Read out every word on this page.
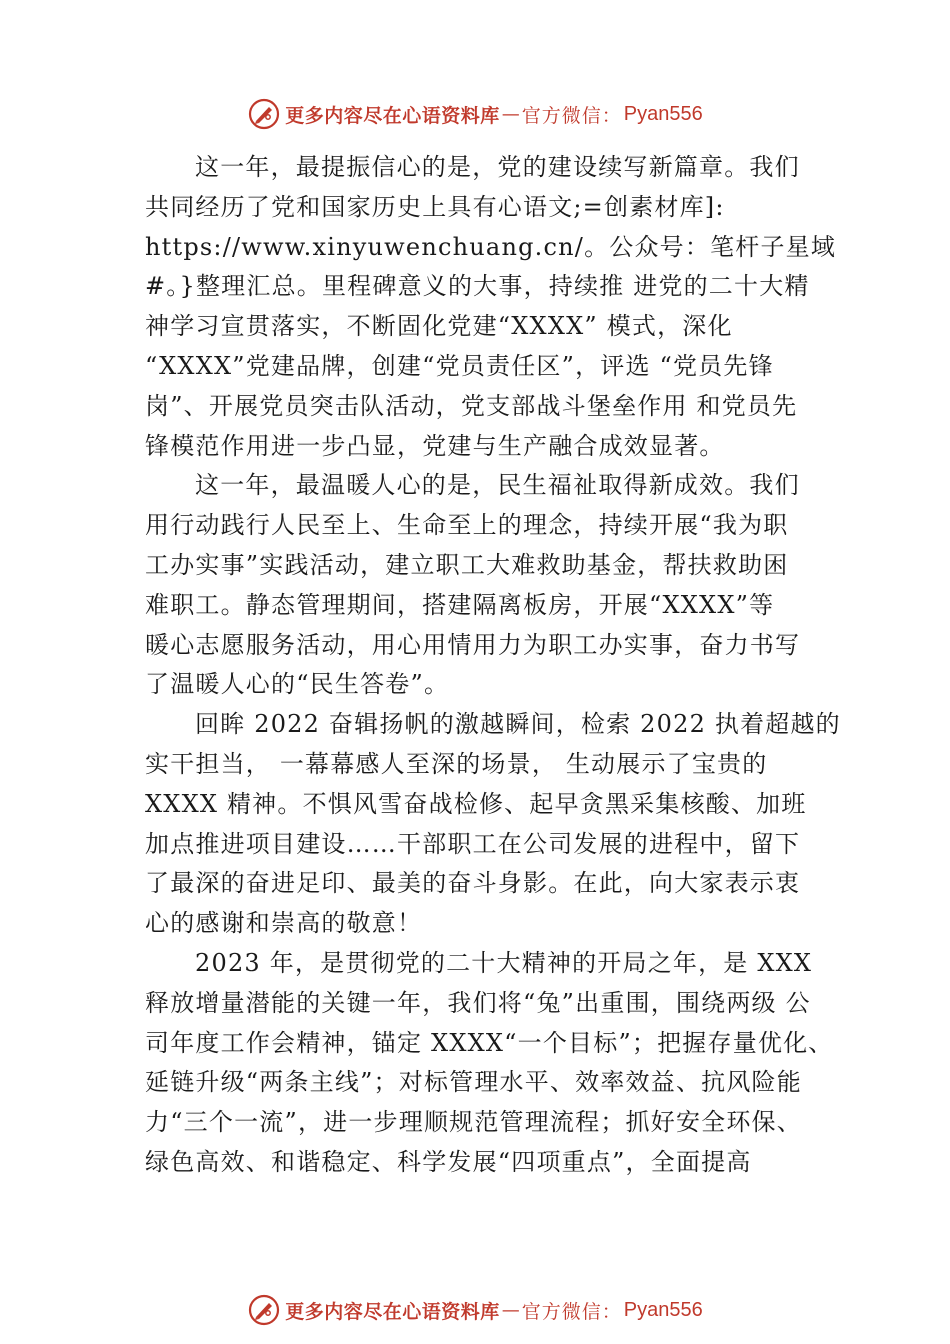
更多内容尽在心语资料库 — 官方微信： Pyan556
这一年，最提振信心的是，党的建设续写新篇章。我们
共同经历了党和国家历史上具有心语文;=创素材库]:
https://www.xinyuwenchuang.cn/。公众号：笔杆子星域
#。}整理汇总。里程碑意义的大事，持续推 进党的二十大精
神学习宣贯落实，不断固化党建“XXXX” 模式，深化
“XXXX”党建品牌，创建“党员责任区”，评选 “党员先锋
岗”、开展党员突击队活动，党支部战斗堡垒作用 和党员先
锋模范作用进一步凸显，党建与生产融合成效显著。
这一年，最温暖人心的是，民生福祉取得新成效。我们
用行动践行人民至上、生命至上的理念，持续开展“我为职
工办实事”实践活动，建立职工大难救助基金，帮扶救助困
难职工。静态管理期间，搭建隔离板房，开展“XXXX”等
暖心志愿服务活动，用心用情用力为职工办实事，奋力书写
了温暖人心的“民生答卷”。
回眸 2022 奋辑扬帆的激越瞬间，检索 2022 执着超越的
实干担当， 一幕幕感人至深的场景， 生动展示了宝贵的
XXXX 精神。不惧风雪奋战检修、起早贪黑采集核酸、加班
加点推进项目建设……干部职工在公司发展的进程中，留下
了最深的奋进足印、最美的奋斗身影。在此，向大家表示衷
心的感谢和崇高的敬意！
2023 年，是贯彻党的二十大精神的开局之年，是 XXX
释放增量潜能的关键一年，我们将“兔”出重围，围绕两级 公
司年度工作会精神，锚定 XXXX“一个目标”；把握存量优化、
延链升级“两条主线”；对标管理水平、效率效益、抗风险能
力“三个一流”，进一步理顺规范管理流程；抓好安全环保、
绿色高效、和谐稳定、科学发展“四项重点”，全面提高
更多内容尽在心语资料库 — 官方微信： Pyan556
